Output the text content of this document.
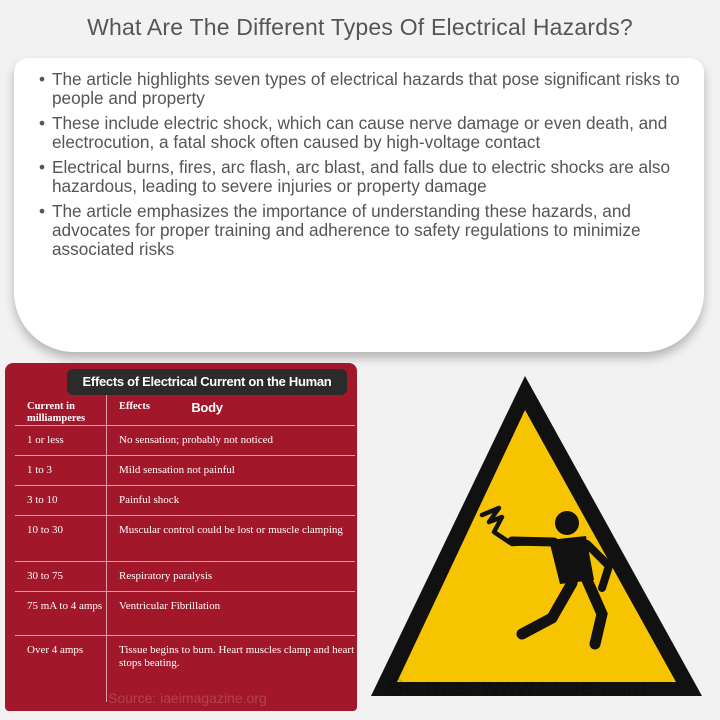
What Are The Different Types Of Electrical Hazards?
• The article highlights seven types of electrical hazards that pose significant risks to people and property
• These include electric shock, which can cause nerve damage or even death, and electrocution, a fatal shock often caused by high-voltage contact
• Electrical burns, fires, arc flash, arc blast, and falls due to electric shocks are also hazardous, leading to severe injuries or property damage
• The article emphasizes the importance of understanding these hazards, and advocates for proper training and adherence to safety regulations to minimize associated risks
Effects of Electrical Current on the Human Body
Current in milliamperes
Effects
1 or less	No sensation; probably not noticed
1 to 3	Mild sensation not painful
3 to 10	Painful shock
10 to 30	Muscular control could be lost or muscle clamping
30 to 75	Respiratory paralysis
75 mA to 4 amps	Ventricular Fibrillation
Over 4 amps	Tissue begins to burn. Heart muscles clamp and heart stops beating.
Source: iaeimagazine.org	Source: www.ssoe.com
